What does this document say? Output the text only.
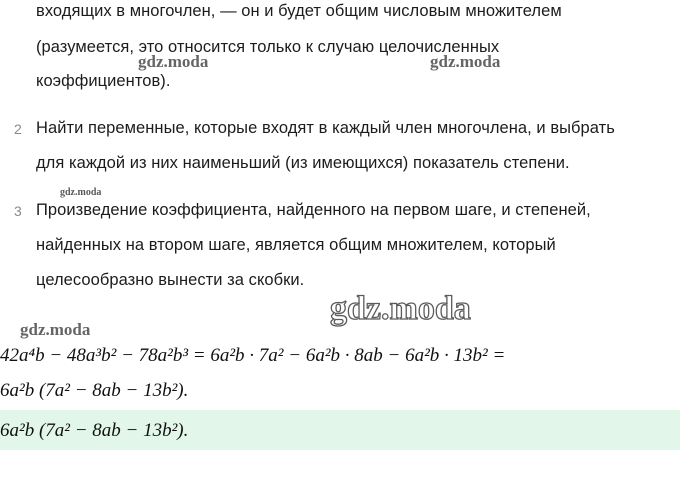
входящих в многочлен, — он и будет общим числовым множителем
(разумеется, это относится только к случаю целочисленных
коэффициентов).
2 Найти переменные, которые входят в каждый член многочлена, и выбрать
для каждой из них наименьший (из имеющихся) показатель степени.
3 Произведение коэффициента, найденного на первом шаге, и степеней,
найденных на втором шаге, является общим множителем, который
целесообразно вынести за скобки.
gdz.moda	gdz.moda
gdz.moda
gdz.moda
gdz.moda
42a⁴b − 48a³b² − 78a²b³ = 6a²b · 7a² − 6a²b · 8ab − 6a²b · 13b² =
6a²b (7a² − 8ab − 13b²).
6a²b (7a² − 8ab − 13b²).
